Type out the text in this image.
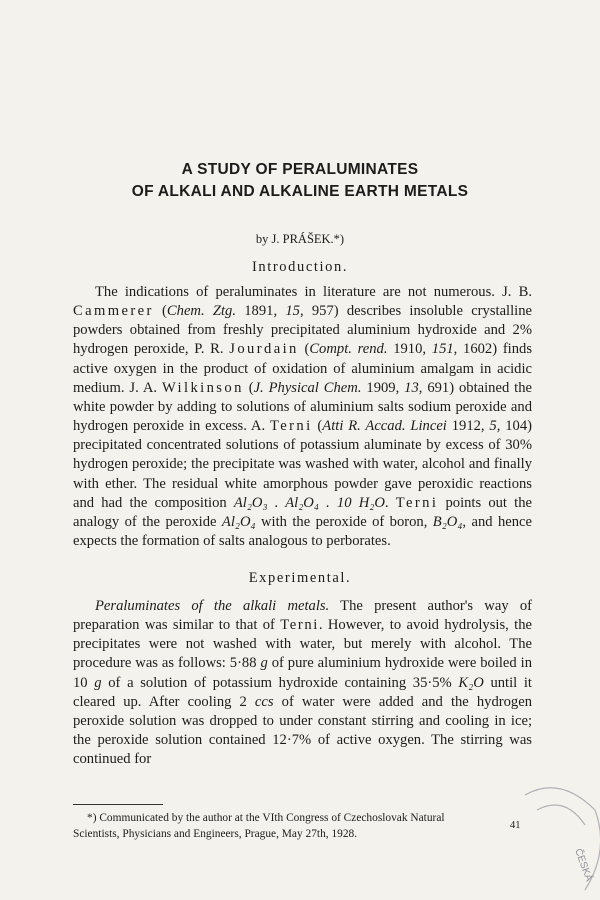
A STUDY OF PERALUMINATES
OF ALKALI AND ALKALINE EARTH METALS
by J. PRÁŠEK.*)
Introduction.

The indications of peraluminates in literature are not numerous. J. B. Cammerer (Chem. Ztg. 1891, 15, 957) describes insoluble crystalline powders obtained from freshly precipitated aluminium hydroxide and 2% hydrogen peroxide, P. R. Jourdain (Compt. rend. 1910, 151, 1602) finds active oxygen in the product of oxidation of aluminium amalgam in acidic medium. J. A. Wilkinson (J. Physical Chem. 1909, 13, 691) obtained the white powder by adding to solutions of aluminium salts sodium peroxide and hydrogen peroxide in excess. A. Terni (Atti R. Accad. Lincei 1912, 5, 104) precipitated concentrated solutions of potassium aluminate by excess of 30% hydrogen peroxide; the precipitate was washed with water, alcohol and finally with ether. The residual white amorphous powder gave peroxidic reactions and had the composition Al₂O₃ . Al₂O₄ . 10 H₂O. Terni points out the analogy of the peroxide Al₂O₄ with the peroxide of boron, B₂O₄, and hence expects the formation of salts analogous to perborates.

Experimental.

Peraluminates of the alkali metals. The present author's way of preparation was similar to that of Terni. However, to avoid hydrolysis, the precipitates were not washed with water, but merely with alcohol. The procedure was as follows: 5·88 g of pure aluminium hydroxide were boiled in 10 g of a solution of potassium hydroxide containing 35·5% K₂O until it cleared up. After cooling 2 ccs of water were added and the hydrogen peroxide solution was dropped to under constant stirring and cooling in ice; the peroxide solution contained 12·7% of active oxygen. The stirring was continued for

*) Communicated by the author at the VIth Congress of Czechoslovak Natural
Scientists, Physicians and Engineers, Prague, May 27th, 1928.

41
ČESKÁ
